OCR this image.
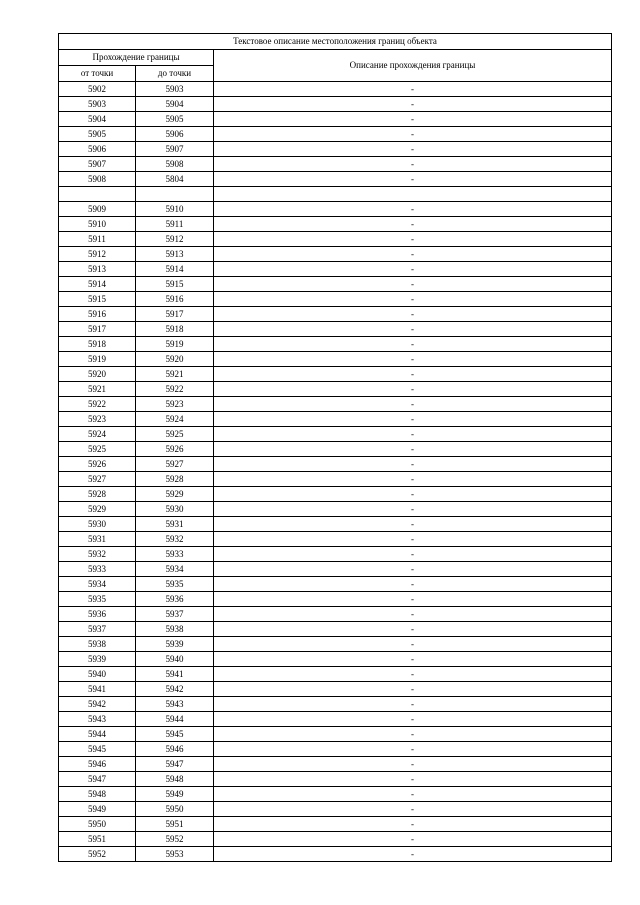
Текстовое описание местоположения границ объекта		
Прохождение границы		Описание прохождения границы
от точки	до точки	
5902	5903	-
5903	5904	-
5904	5905	-
5905	5906	-
5906	5907	-
5907	5908	-
5908	5804	-

5909	5910	-
5910	5911	-
5911	5912	-
5912	5913	-
5913	5914	-
5914	5915	-
5915	5916	-
5916	5917	-
5917	5918	-
5918	5919	-
5919	5920	-
5920	5921	-
5921	5922	-
5922	5923	-
5923	5924	-
5924	5925	-
5925	5926	-
5926	5927	-
5927	5928	-
5928	5929	-
5929	5930	-
5930	5931	-
5931	5932	-
5932	5933	-
5933	5934	-
5934	5935	-
5935	5936	-
5936	5937	-
5937	5938	-
5938	5939	-
5939	5940	-
5940	5941	-
5941	5942	-
5942	5943	-
5943	5944	-
5944	5945	-
5945	5946	-
5946	5947	-
5947	5948	-
5948	5949	-
5949	5950	-
5950	5951	-
5951	5952	-
5952	5953	-
